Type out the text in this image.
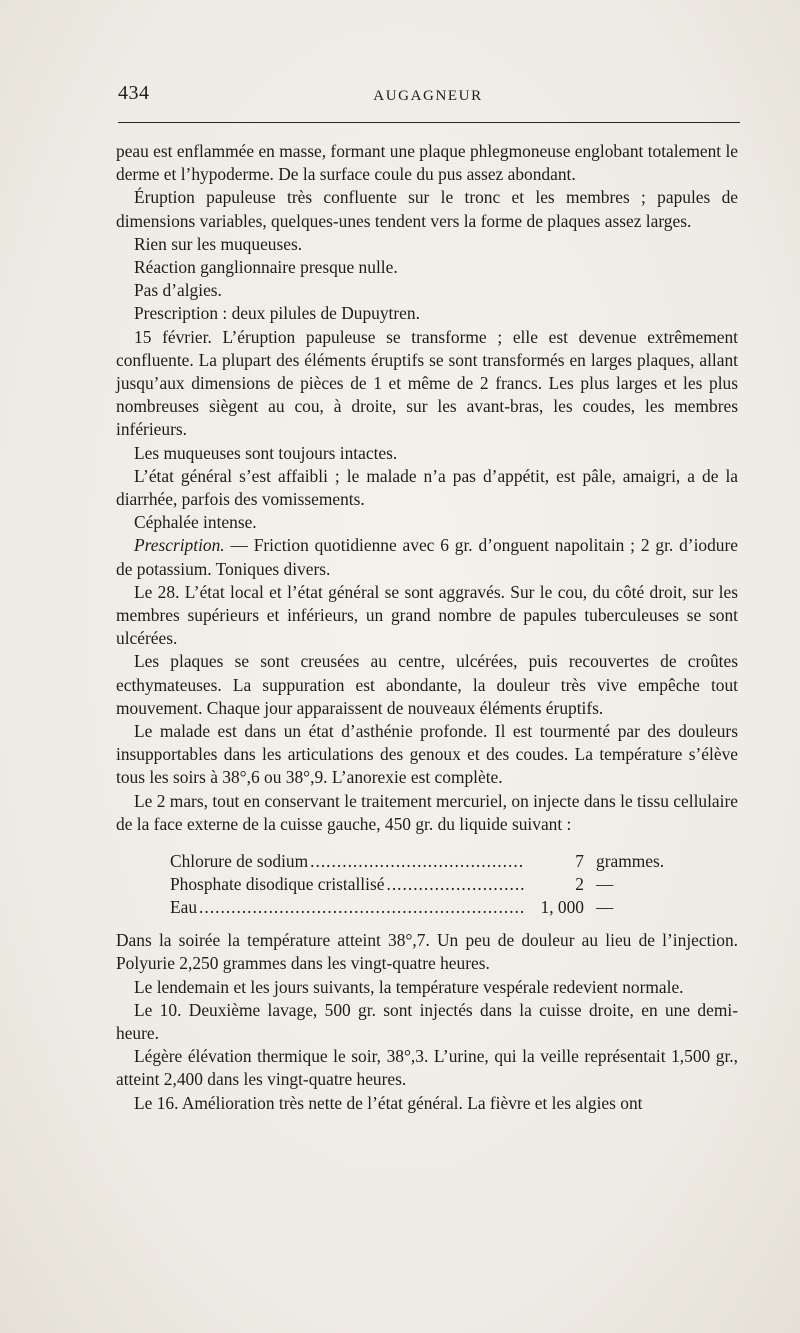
434	AUGAGNEUR

peau est enflammée en masse, formant une plaque phlegmoneuse englobant totalement le derme et l’hypoderme. De la surface coule du pus assez abondant.

Éruption papuleuse très confluente sur le tronc et les membres ; papules de dimensions variables, quelques-unes tendent vers la forme de plaques assez larges.

Rien sur les muqueuses.

Réaction ganglionnaire presque nulle.

Pas d’algies.

Prescription : deux pilules de Dupuytren.

15 février. L’éruption papuleuse se transforme ; elle est devenue extrêmement confluente. La plupart des éléments éruptifs se sont transformés en larges plaques, allant jusqu’aux dimensions de pièces de 1 et même de 2 francs. Les plus larges et les plus nombreuses siègent au cou, à droite, sur les avant-bras, les coudes, les membres inférieurs.

Les muqueuses sont toujours intactes.

L’état général s’est affaibli ; le malade n’a pas d’appétit, est pâle, amaigri, a de la diarrhée, parfois des vomissements.

Céphalée intense.

Prescription. — Friction quotidienne avec 6 gr. d’onguent napolitain ; 2 gr. d’iodure de potassium. Toniques divers.

Le 28. L’état local et l’état général se sont aggravés. Sur le cou, du côté droit, sur les membres supérieurs et inférieurs, un grand nombre de papules tuberculeuses se sont ulcérées.

Les plaques se sont creusées au centre, ulcérées, puis recouvertes de croûtes ecthymateuses. La suppuration est abondante, la douleur très vive empêche tout mouvement. Chaque jour apparaissent de nouveaux éléments éruptifs.

Le malade est dans un état d’asthénie profonde. Il est tourmenté par des douleurs insupportables dans les articulations des genoux et des coudes. La température s’élève tous les soirs à 38°,6 ou 38°,9. L’anorexie est complète.

Le 2 mars, tout en conservant le traitement mercuriel, on injecte dans le tissu cellulaire de la face externe de la cuisse gauche, 450 gr. du liquide suivant :

Chlorure de sodium .....	7 grammes.
Phosphate disodique cristallisé .....	2 —
Eau .....	1, 000 —

Dans la soirée la température atteint 38°,7. Un peu de douleur au lieu de l’injection. Polyurie 2,250 grammes dans les vingt-quatre heures.

Le lendemain et les jours suivants, la température vespérale redevient normale.

Le 10. Deuxième lavage, 500 gr. sont injectés dans la cuisse droite, en une demi-heure.

Légère élévation thermique le soir, 38°,3. L’urine, qui la veille représentait 1,500 gr., atteint 2,400 dans les vingt-quatre heures.

Le 16. Amélioration très nette de l’état général. La fièvre et les algies ont
